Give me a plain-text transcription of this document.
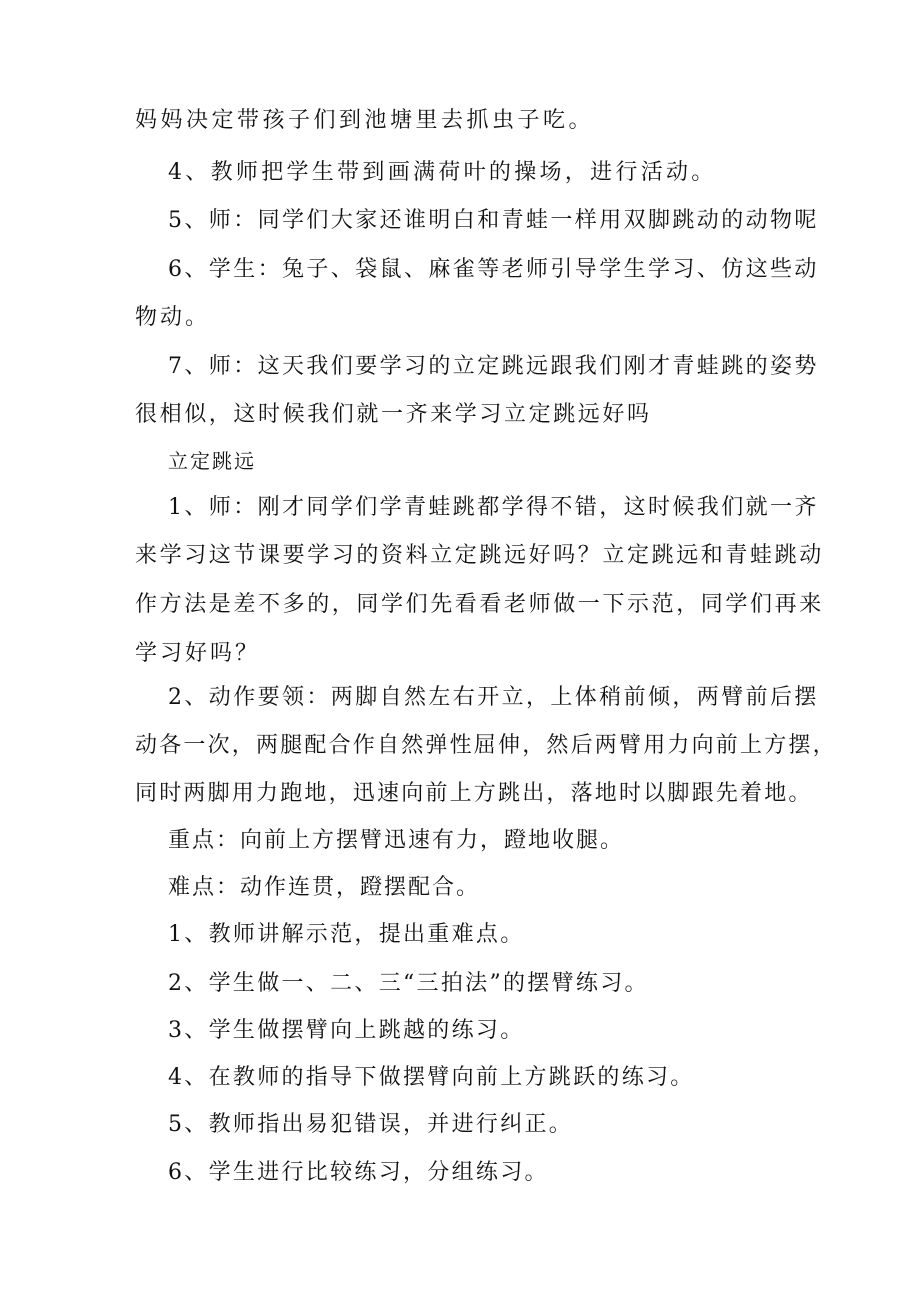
妈妈决定带孩子们到池塘里去抓虫子吃。
4、教师把学生带到画满荷叶的操场，进行活动。
5、师：同学们大家还谁明白和青蛙一样用双脚跳动的动物呢
6、学生：兔子、袋鼠、麻雀等老师引导学生学习、仿这些动
物动。
7、师：这天我们要学习的立定跳远跟我们刚才青蛙跳的姿势
很相似，这时候我们就一齐来学习立定跳远好吗
立定跳远
1、师：刚才同学们学青蛙跳都学得不错，这时候我们就一齐
来学习这节课要学习的资料立定跳远好吗？立定跳远和青蛙跳动
作方法是差不多的，同学们先看看老师做一下示范，同学们再来
学习好吗？
2、动作要领：两脚自然左右开立，上体稍前倾，两臂前后摆
动各一次，两腿配合作自然弹性屈伸，然后两臂用力向前上方摆，
同时两脚用力跑地，迅速向前上方跳出，落地时以脚跟先着地。
重点：向前上方摆臂迅速有力，蹬地收腿。
难点：动作连贯，蹬摆配合。
1、教师讲解示范，提出重难点。
2、学生做一、二、三“三拍法”的摆臂练习。
3、学生做摆臂向上跳越的练习。
4、在教师的指导下做摆臂向前上方跳跃的练习。
5、教师指出易犯错误，并进行纠正。
6、学生进行比较练习，分组练习。
